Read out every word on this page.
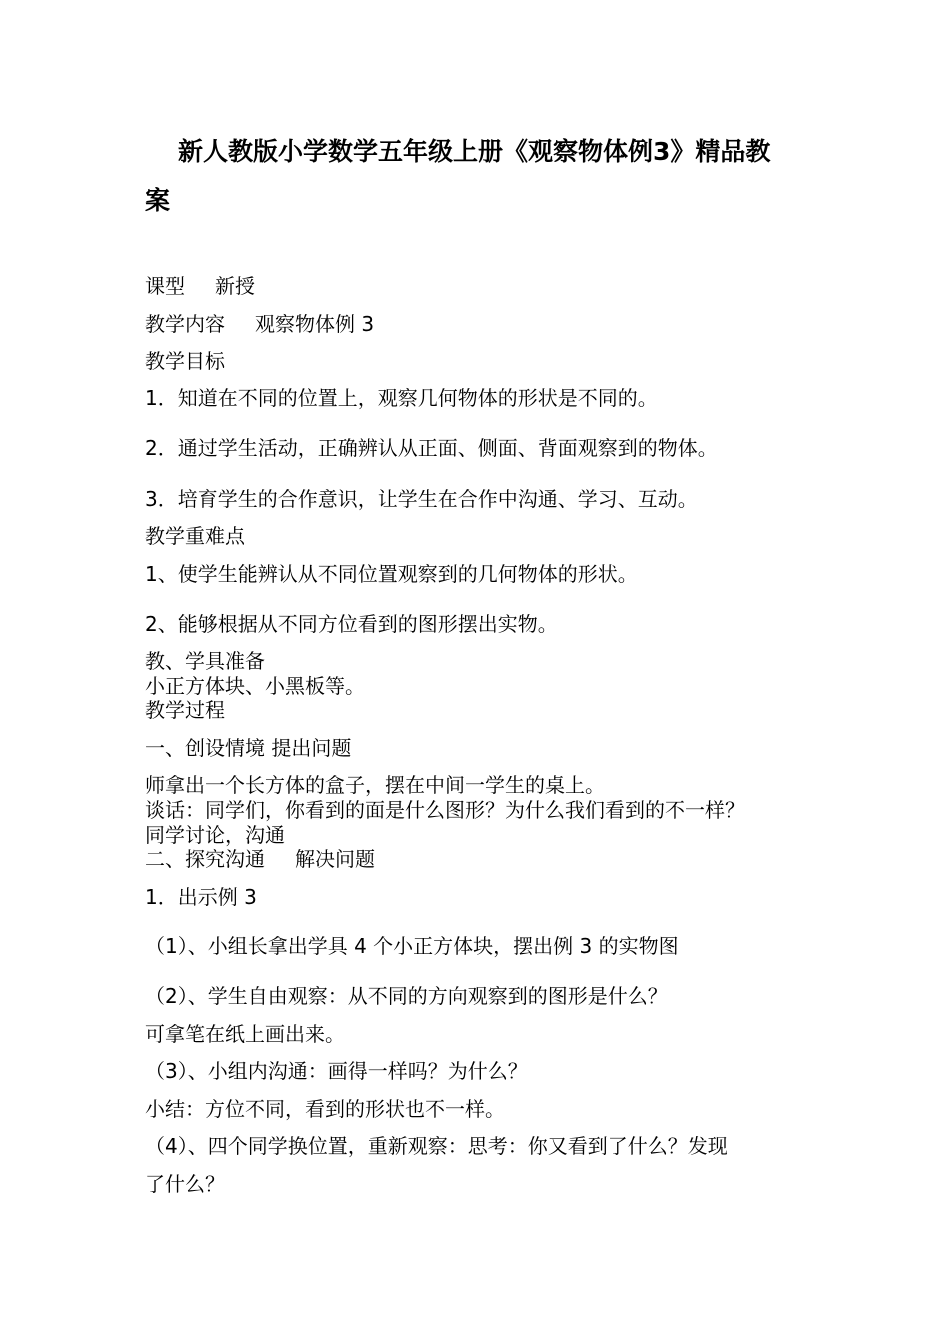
新人教版小学数学五年级上册《观察物体例3》精品教
案
课型 新授
教学内容 观察物体例 3
教学目标
1．知道在不同的位置上，观察几何物体的形状是不同的。
2．通过学生活动，正确辨认从正面、侧面、背面观察到的物体。
3．培育学生的合作意识，让学生在合作中沟通、学习、互动。
教学重难点
1、使学生能辨认从不同位置观察到的几何物体的形状。
2、能够根据从不同方位看到的图形摆出实物。
教、学具准备
小正方体块、小黑板等。
教学过程
一、创设情境 提出问题
师拿出一个长方体的盒子，摆在中间一学生的桌上。
谈话：同学们，你看到的面是什么图形？为什么我们看到的不一样？
同学讨论，沟通
二、探究沟通 解决问题
1．出示例 3
（1）、小组长拿出学具 4 个小正方体块，摆出例 3 的实物图
（2）、学生自由观察：从不同的方向观察到的图形是什么？
可拿笔在纸上画出来。
（3）、小组内沟通：画得一样吗？为什么？
小结：方位不同，看到的形状也不一样。
（4）、四个同学换位置，重新观察：思考：你又看到了什么？发现
了什么？
